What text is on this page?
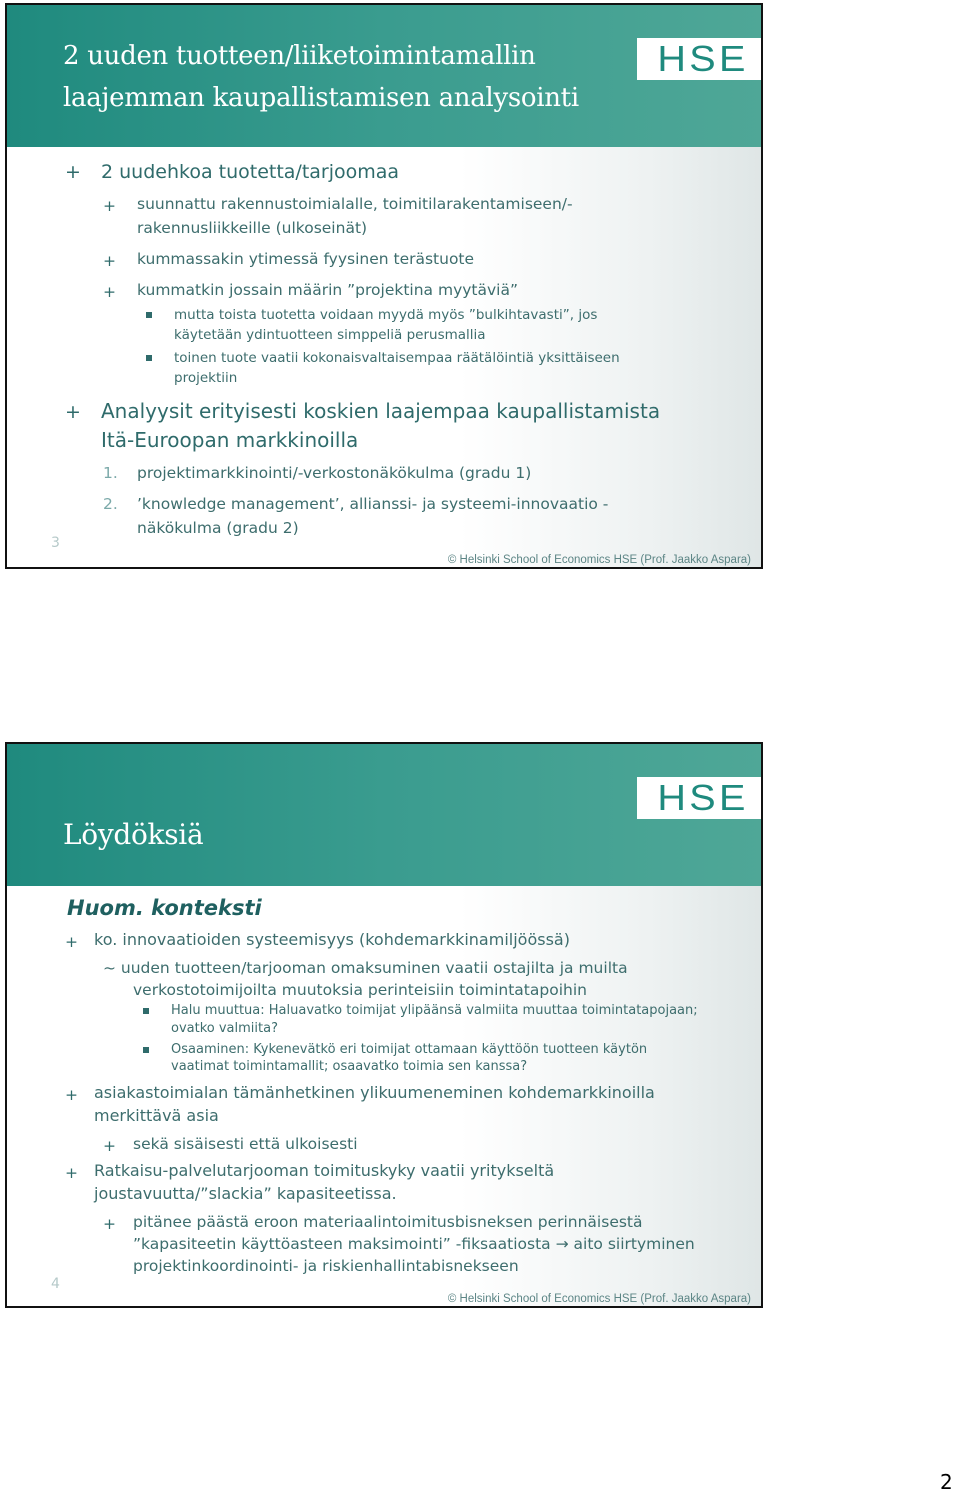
2 uuden tuotteen/liiketoimintamallin
laajemman kaupallistamisen analysointi
HSE
+ 2 uudehkoa tuotetta/tarjoomaa
+ suunnattu rakennustoimialalle, toimitilarakentamiseen/-
rakennusliikkeille (ulkoseinät)
+ kummassakin ytimessä fyysinen terästuote
+ kummatkin jossain määrin ”projektina myytäviä”
mutta toista tuotetta voidaan myydä myös ”bulkihtavasti”, jos
käytetään ydintuotteen simppeliä perusmallia
toinen tuote vaatii kokonaisvaltaisempaa räätälöintiä yksittäiseen
projektiin
+ Analyysit erityisesti koskien laajempaa kaupallistamista
Itä-Euroopan markkinoilla
1. projektimarkkinointi/-verkostonäkökulma (gradu 1)
2. ’knowledge management’, allianssi- ja systeemi-innovaatio -
näkökulma (gradu 2)
3
© Helsinki School of Economics HSE (Prof. Jaakko Aspara)
Löydöksiä
HSE
Huom. konteksti
+ ko. innovaatioiden systeemisyys (kohdemarkkinamiljöössä)
~ uuden tuotteen/tarjooman omaksuminen vaatii ostajilta ja muilta
verkostotoimijoilta muutoksia perinteisiin toimintatapoihin
Halu muuttua: Haluavatko toimijat ylipäänsä valmiita muuttaa toimintatapojaan;
ovatko valmiita?
Osaaminen: Kykenevätkö eri toimijat ottamaan käyttöön tuotteen käytön
vaatimat toimintamallit; osaavatko toimia sen kanssa?
+ asiakastoimialan tämänhetkinen ylikuumeneminen kohdemarkkinoilla
merkittävä asia
+ sekä sisäisesti että ulkoisesti
+ Ratkaisu-palvelutarjooman toimituskyky vaatii yritykseltä
joustavuutta/”slackia” kapasiteetissa.
+ pitänee päästä eroon materiaalintoimitusbisneksen perinnäisestä
”kapasiteetin käyttöasteen maksimointi” -fiksaatiosta → aito siirtyminen
projektinkoordinointi- ja riskienhallintabisnekseen
4
© Helsinki School of Economics HSE (Prof. Jaakko Aspara)
2
